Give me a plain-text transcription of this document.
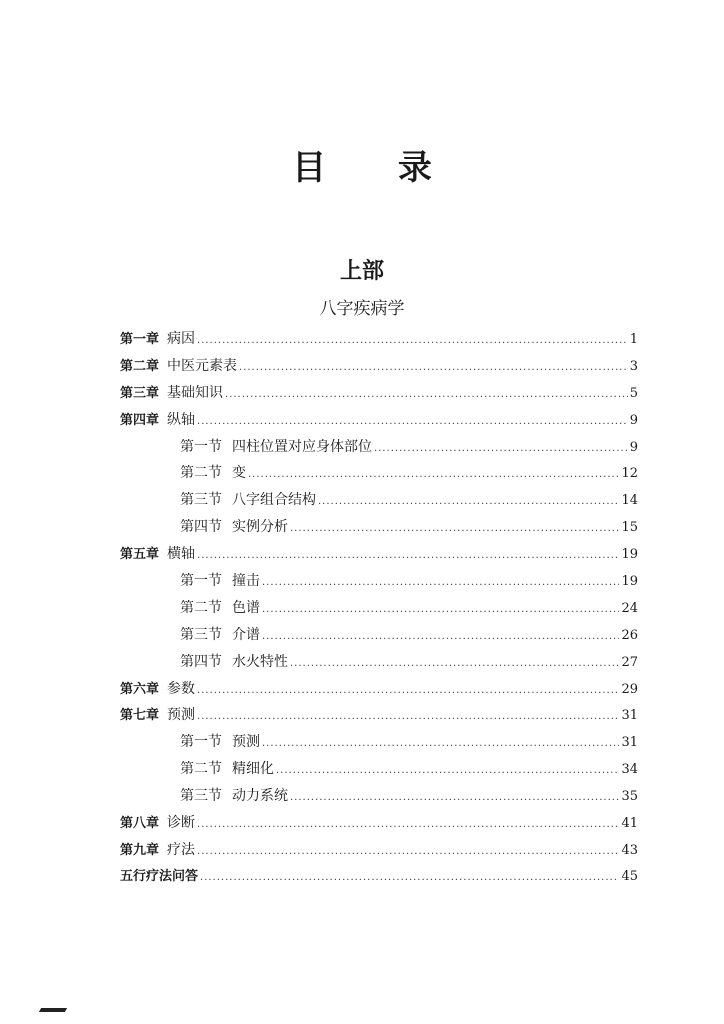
目 录
上部
八字疾病学
第一章 病因 .....	1
第二章 中医元素表 .....	3
第三章 基础知识 .....	5
第四章 纵轴 .....	9
第一节 四柱位置对应身体部位 .....	9
第二节 变 .....	12
第三节 八字组合结构 .....	14
第四节 实例分析 .....	15
第五章 横轴 .....	19
第一节 撞击 .....	19
第二节 色谱 .....	24
第三节 介谱 .....	26
第四节 水火特性 .....	27
第六章 参数 .....	29
第七章 预测 .....	31
第一节 预测 .....	31
第二节 精细化 .....	34
第三节 动力系统 .....	35
第八章 诊断 .....	41
第九章 疗法 .....	43
五行疗法问答 .....	45
